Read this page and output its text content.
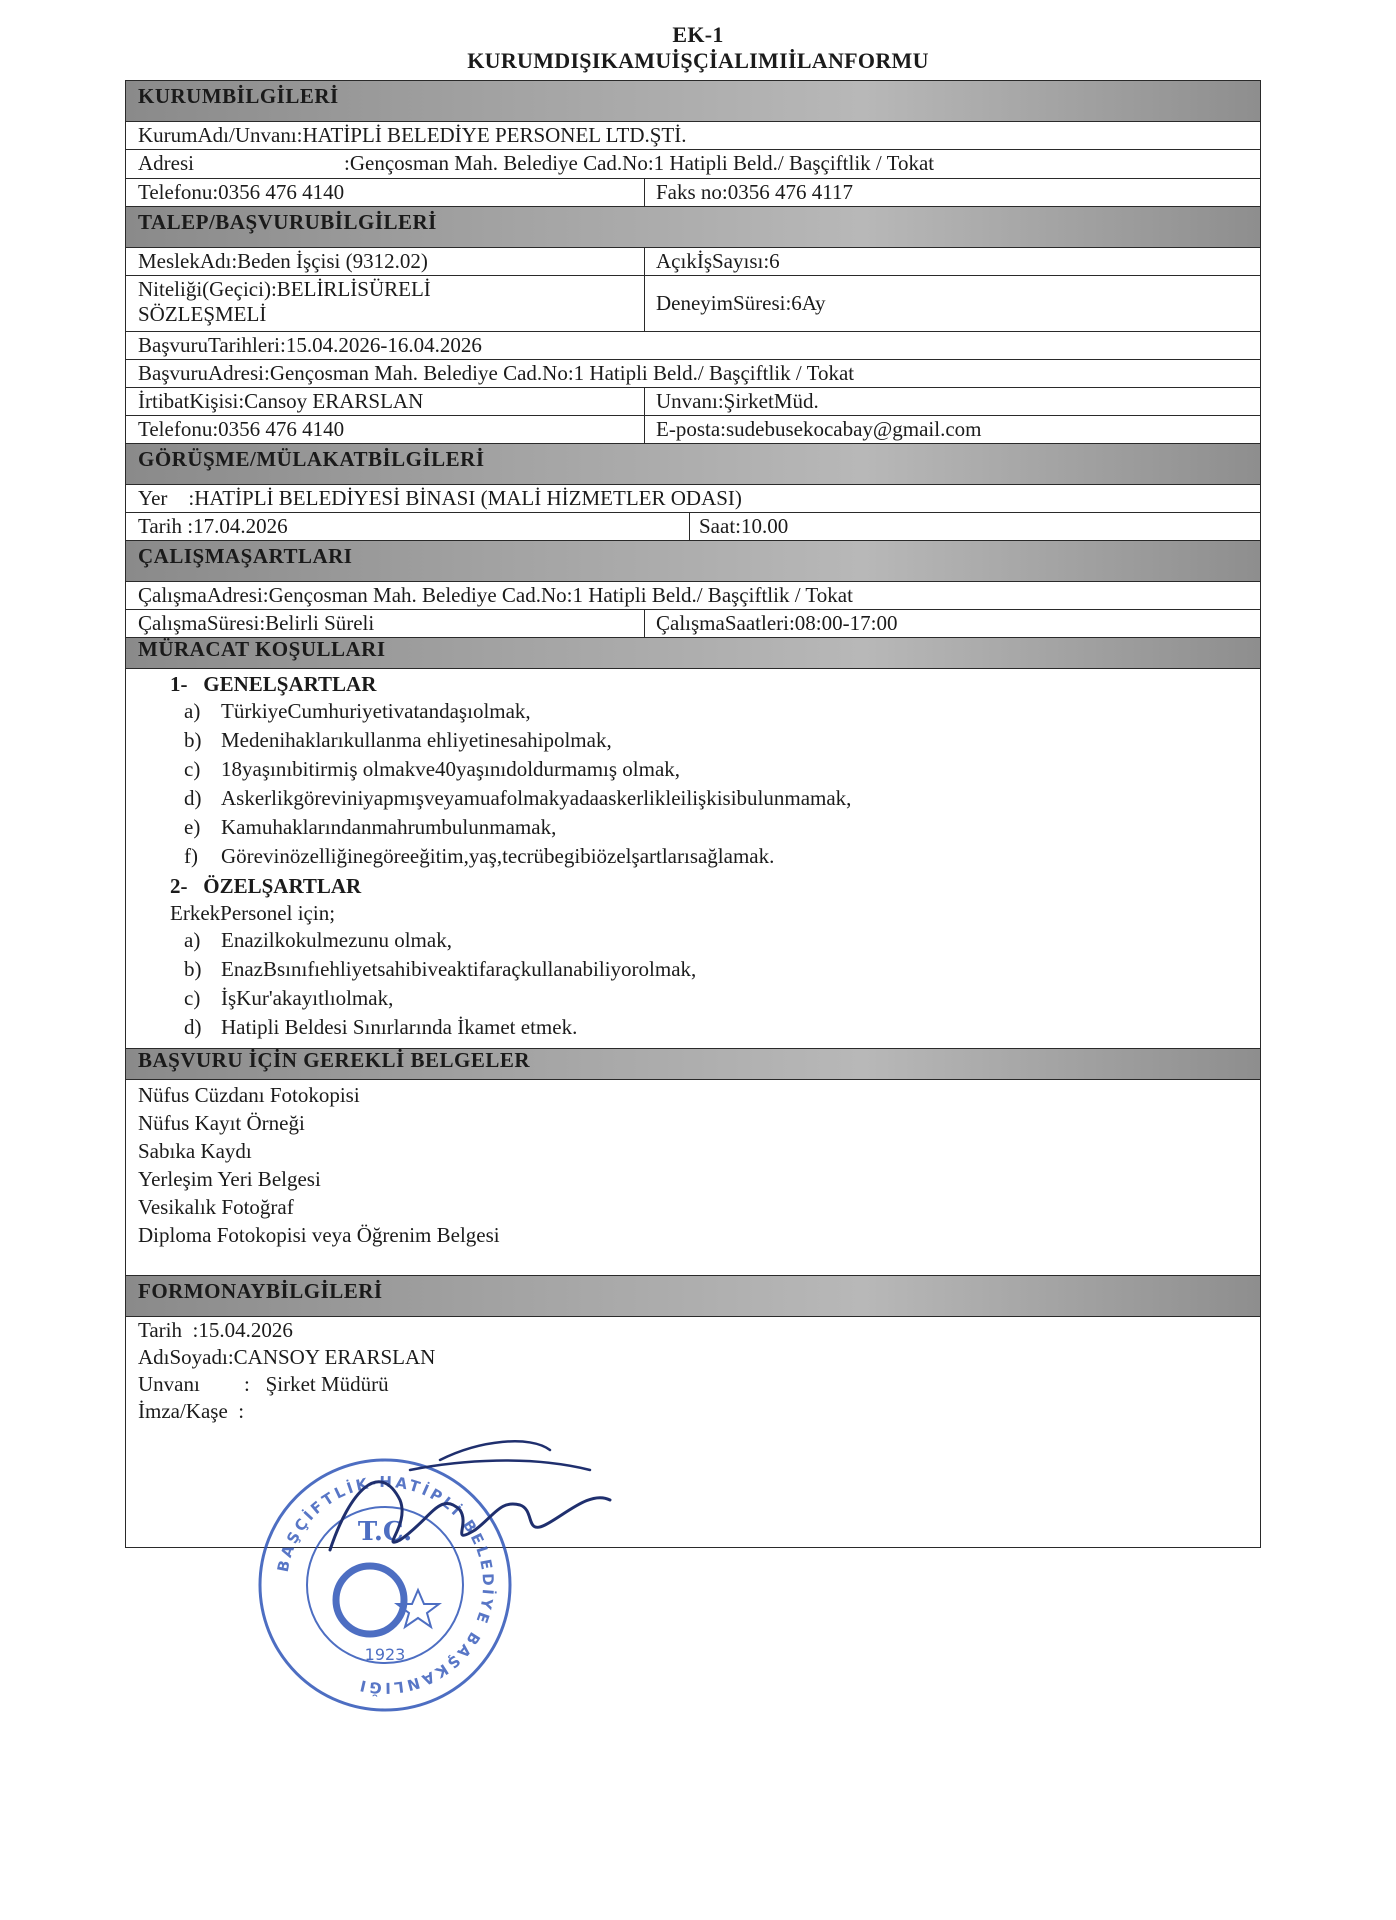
EK-1
KURUMDIŞIKAMUİŞÇİALIMIİLANFORMU
KURUMBİLGİLERİ
KurumAdı/Unvanı:HATİPLİ BELEDİYE PERSONEL LTD.ŞTİ.
Adresi	:Gençosman Mah. Belediye Cad.No:1 Hatipli Beld./ Başçiftlik / Tokat
Telefonu:0356 476 4140	Faks no:0356 476 4117
TALEP/BAŞVURUBİLGİLERİ
MeslekAdı:Beden İşçisi (9312.02)	AçıkİşSayısı:6
Niteliği(Geçici):BELİRLİSÜRELİ
SÖZLEŞMELİ	DeneyimSüresi:6Ay
BaşvuruTarihleri:15.04.2026-16.04.2026
BaşvuruAdresi:Gençosman Mah. Belediye Cad.No:1 Hatipli Beld./ Başçiftlik / Tokat
İrtibatKişisi:Cansoy ERARSLAN	Unvanı:ŞirketMüd.
Telefonu:0356 476 4140	E-posta:sudebusekocabay@gmail.com
GÖRÜŞME/MÜLAKATBİLGİLERİ
Yer    :HATİPLİ BELEDİYESİ BİNASI (MALİ HİZMETLER ODASI)
Tarih :17.04.2026	Saat:10.00
ÇALIŞMAŞARTLARI
ÇalışmaAdresi:Gençosman Mah. Belediye Cad.No:1 Hatipli Beld./ Başçiftlik / Tokat
ÇalışmaSüresi:Belirli Süreli	ÇalışmaSaatleri:08:00-17:00
MÜRACAT KOŞULLARI
1-   GENELŞARTLAR
a) TürkiyeCumhuriyetivatandaşıolmak,
b) Medenihaklarıkullanma ehliyetinesahipolmak,
c) 18yaşınıbitirmiş olmakve40yaşınıdoldurmamış olmak,
d) Askerlikgöreviniyapmışveyamuafolmakyadaaskerlikleilişkisibulunmamak,
e) Kamuhaklarındanmahrumbulunmamak,
f) Görevinözelliğinegöreeğitim,yaş,tecrübegibiözelşartlarısağlamak.
2-   ÖZELŞARTLAR
ErkekPersonel için;
a) Enazilkokulmezunu olmak,
b) EnazBsınıfıehliyetsahibiveaktifaraçkullanabiliyorolmak,
c) İşKur'akayıtlıolmak,
d) Hatipli Beldesi Sınırlarında İkamet etmek.
BAŞVURU İÇİN GEREKLİ BELGELER
Nüfus Cüzdanı Fotokopisi
Nüfus Kayıt Örneği
Sabıka Kaydı
Yerleşim Yeri Belgesi
Vesikalık Fotoğraf
Diploma Fotokopisi veya Öğrenim Belgesi
FORMONAYBİLGİLERİ
Tarih  :15.04.2026
AdıSoyadı:CANSOY ERARSLAN
Unvanı :   Şirket Müdürü
İmza/Kaşe  :
T.C.
BAŞÇİFTLİK-HATİPLİ BELEDİYE BAŞKANLIĞI
1923
